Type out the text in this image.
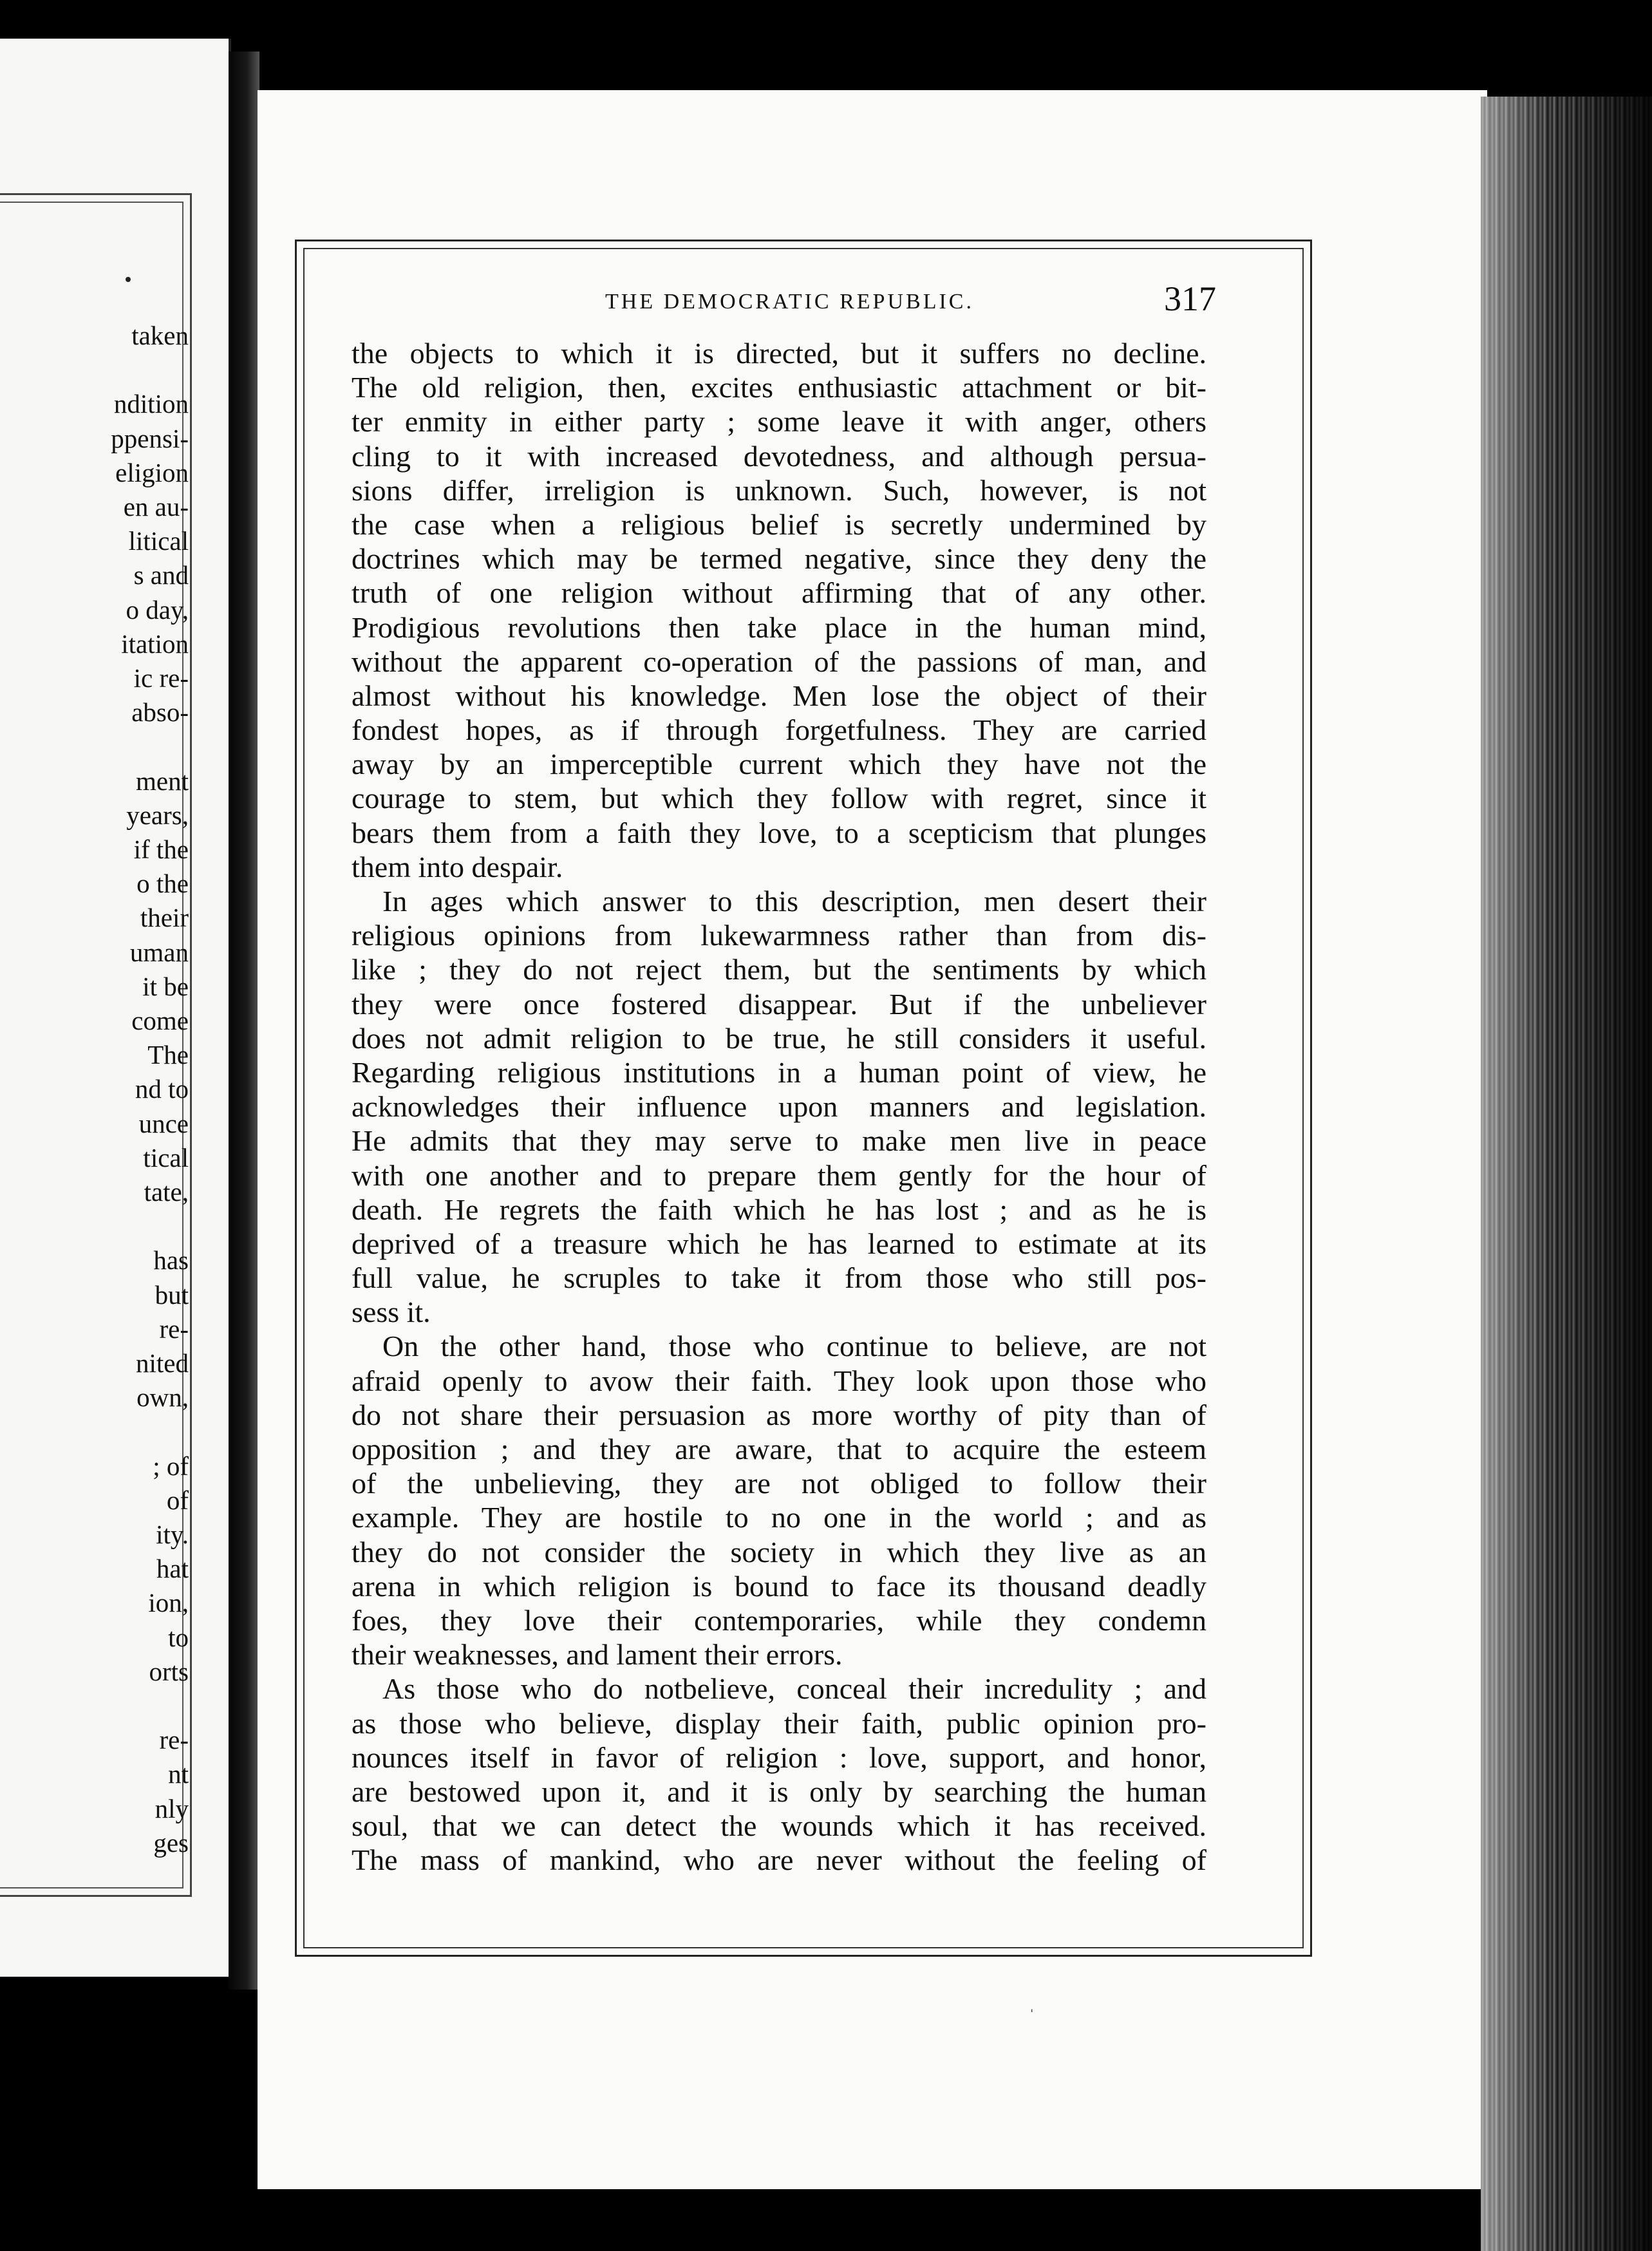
taken
ndition
ppensi-
eligion
en au-
litical
s and
o day,
itation
ic re-
abso-
ment
years,
if the
o the
their
uman
it be
come
The
nd to
unce
tical
tate,
has
but
re-
nited
own,
; of
of
ity.
hat
ion,
to
orts
re-
nt
nly
ges
THE DEMOCRATIC REPUBLIC.	317
the objects to which it is directed, but it suffers no decline.
The old religion, then, excites enthusiastic attachment or bit-
ter enmity in either party ; some leave it with anger, others
cling to it with increased devotedness, and although persua-
sions differ, irreligion is unknown. Such, however, is not
the case when a religious belief is secretly undermined by
doctrines which may be termed negative, since they deny the
truth of one religion without affirming that of any other.
Prodigious revolutions then take place in the human mind,
without the apparent co-operation of the passions of man, and
almost without his knowledge. Men lose the object of their
fondest hopes, as if through forgetfulness. They are carried
away by an imperceptible current which they have not the
courage to stem, but which they follow with regret, since it
bears them from a faith they love, to a scepticism that plunges
them into despair.
In ages which answer to this description, men desert their
religious opinions from lukewarmness rather than from dis-
like ; they do not reject them, but the sentiments by which
they were once fostered disappear. But if the unbeliever
does not admit religion to be true, he still considers it useful.
Regarding religious institutions in a human point of view, he
acknowledges their influence upon manners and legislation.
He admits that they may serve to make men live in peace
with one another and to prepare them gently for the hour of
death. He regrets the faith which he has lost ; and as he is
deprived of a treasure which he has learned to estimate at its
full value, he scruples to take it from those who still pos-
sess it.
On the other hand, those who continue to believe, are not
afraid openly to avow their faith. They look upon those who
do not share their persuasion as more worthy of pity than of
opposition ; and they are aware, that to acquire the esteem
of the unbelieving, they are not obliged to follow their
example. They are hostile to no one in the world ; and as
they do not consider the society in which they live as an
arena in which religion is bound to face its thousand deadly
foes, they love their contemporaries, while they condemn
their weaknesses, and lament their errors.
As those who do notbelieve, conceal their incredulity ; and
as those who believe, display their faith, public opinion pro-
nounces itself in favor of religion : love, support, and honor,
are bestowed upon it, and it is only by searching the human
soul, that we can detect the wounds which it has received.
The mass of mankind, who are never without the feeling of
ˌ
